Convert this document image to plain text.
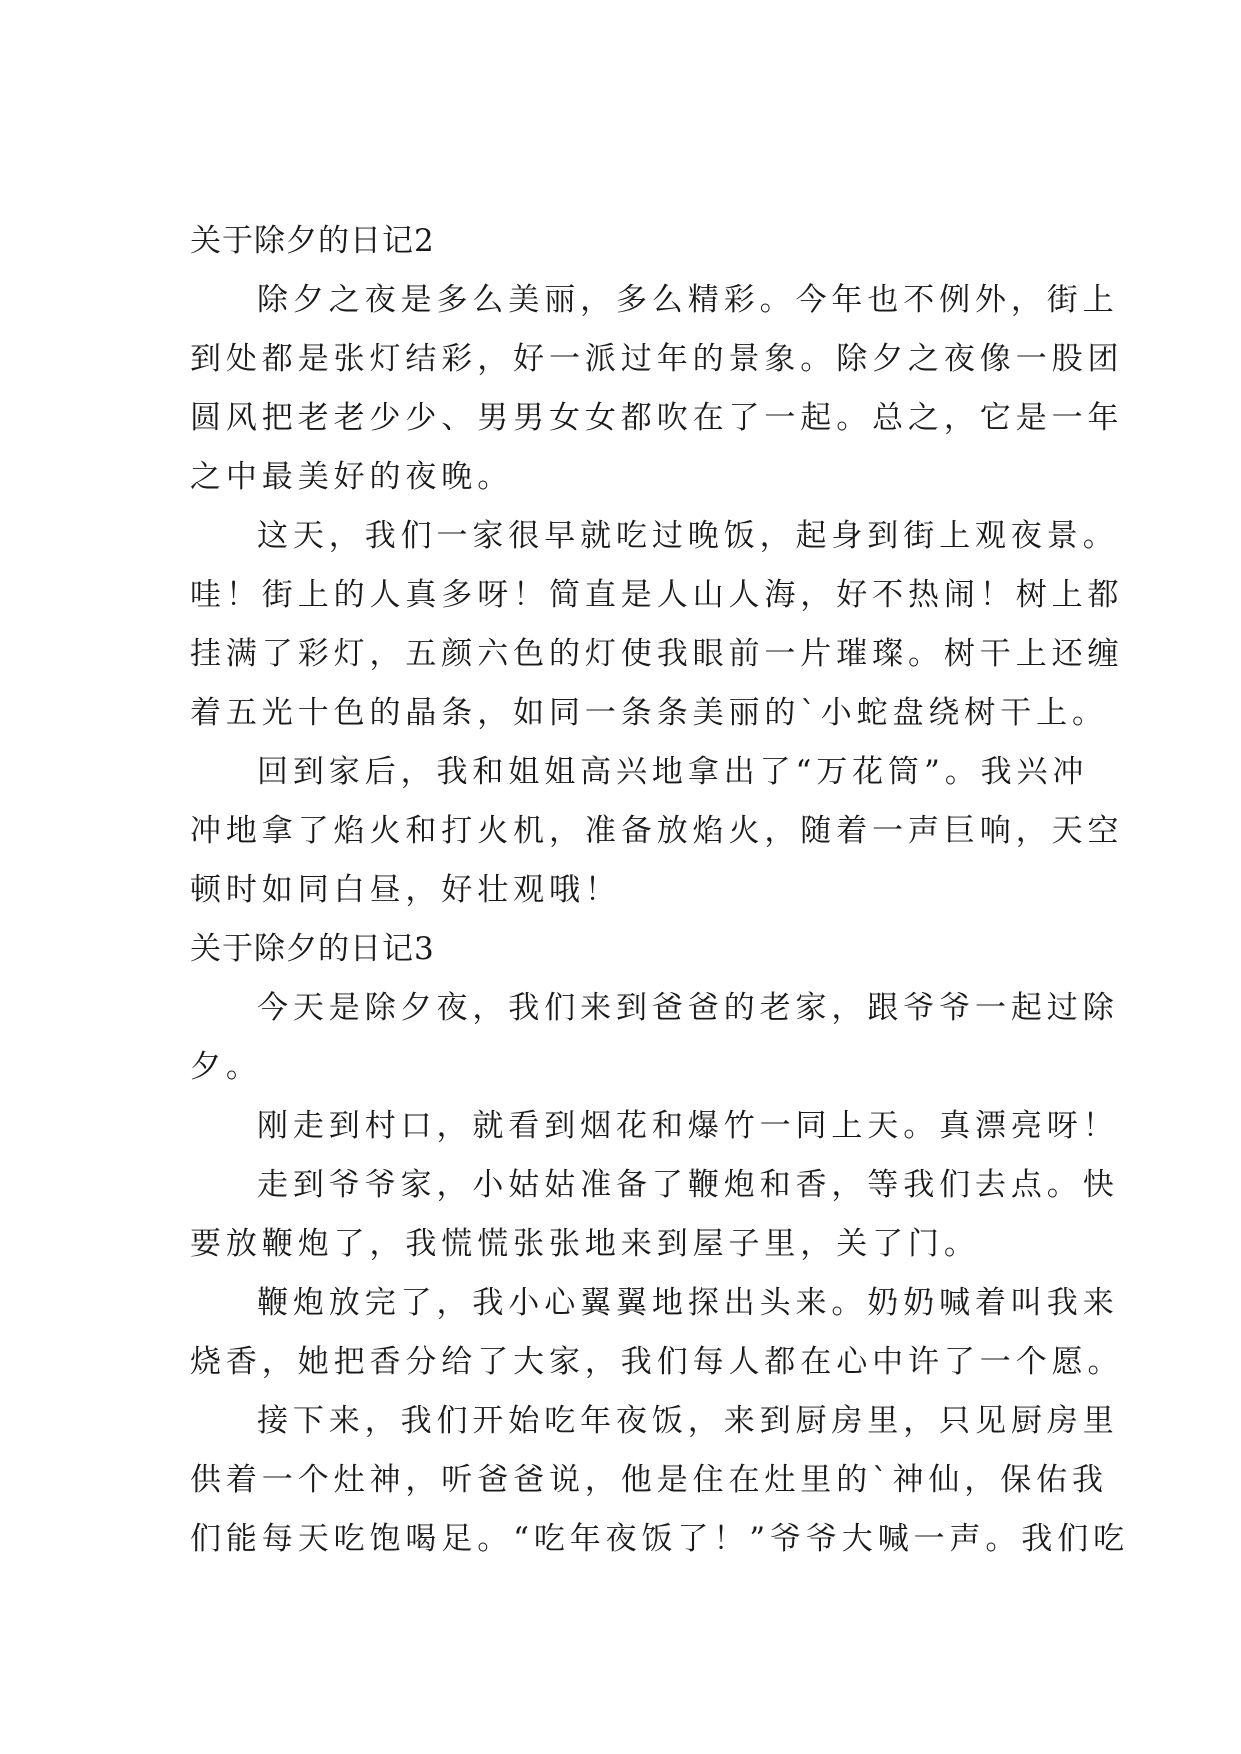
关于除夕的日记2
除夕之夜是多么美丽，多么精彩。今年也不例外，街上
到处都是张灯结彩，好一派过年的景象。除夕之夜像一股团
圆风把老老少少、男男女女都吹在了一起。总之，它是一年
之中最美好的夜晚。
这天，我们一家很早就吃过晚饭，起身到街上观夜景。
哇！街上的人真多呀！简直是人山人海，好不热闹！树上都
挂满了彩灯，五颜六色的灯使我眼前一片璀璨。树干上还缠
着五光十色的晶条，如同一条条美丽的`小蛇盘绕树干上。
回到家后，我和姐姐高兴地拿出了“万花筒”。我兴冲
冲地拿了焰火和打火机，准备放焰火，随着一声巨响，天空
顿时如同白昼，好壮观哦！
关于除夕的日记3
今天是除夕夜，我们来到爸爸的老家，跟爷爷一起过除
夕。
刚走到村口，就看到烟花和爆竹一同上天。真漂亮呀！
走到爷爷家，小姑姑准备了鞭炮和香，等我们去点。快
要放鞭炮了，我慌慌张张地来到屋子里，关了门。
鞭炮放完了，我小心翼翼地探出头来。奶奶喊着叫我来
烧香，她把香分给了大家，我们每人都在心中许了一个愿。
接下来，我们开始吃年夜饭，来到厨房里，只见厨房里
供着一个灶神，听爸爸说，他是住在灶里的`神仙，保佑我
们能每天吃饱喝足。“吃年夜饭了！”爷爷大喊一声。我们吃
